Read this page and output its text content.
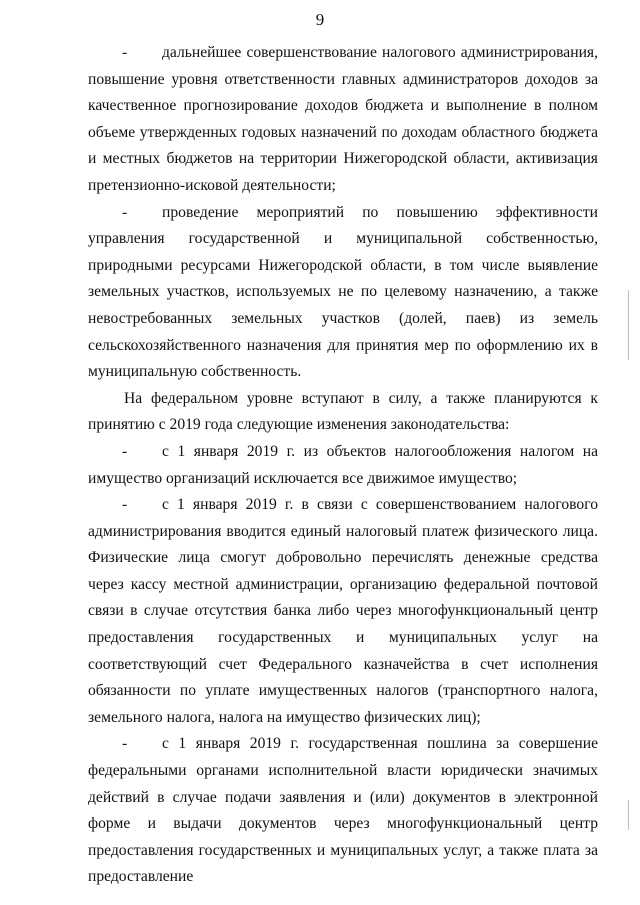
9

- дальнейшее совершенствование налогового администрирования, повышение уровня ответственности главных администраторов доходов за качественное прогнозирование доходов бюджета и выполнение в полном объеме утвержденных годовых назначений по доходам областного бюджета и местных бюджетов на территории Нижегородской области, активизация претензионно-исковой деятельности;

- проведение мероприятий по повышению эффективности управления государственной и муниципальной собственностью, природными ресурсами Нижегородской области, в том числе выявление земельных участков, используемых не по целевому назначению, а также невостребованных земельных участков (долей, паев) из земель сельскохозяйственного назначения для принятия мер по оформлению их в муниципальную собственность.

На федеральном уровне вступают в силу, а также планируются к принятию с 2019 года следующие изменения законодательства:

- с 1 января 2019 г. из объектов налогообложения налогом на имущество организаций исключается все движимое имущество;

- с 1 января 2019 г. в связи с совершенствованием налогового администрирования вводится единый налоговый платеж физического лица. Физические лица смогут добровольно перечислять денежные средства через кассу местной администрации, организацию федеральной почтовой связи в случае отсутствия банка либо через многофункциональный центр предоставления государственных и муниципальных услуг на соответствующий счет Федерального казначейства в счет исполнения обязанности по уплате имущественных налогов (транспортного налога, земельного налога, налога на имущество физических лиц);

- с 1 января 2019 г. государственная пошлина за совершение федеральными органами исполнительной власти юридически значимых действий в случае подачи заявления и (или) документов в электронной форме и выдачи документов через многофункциональный центр предоставления государственных и муниципальных услуг, а также плата за предоставление
